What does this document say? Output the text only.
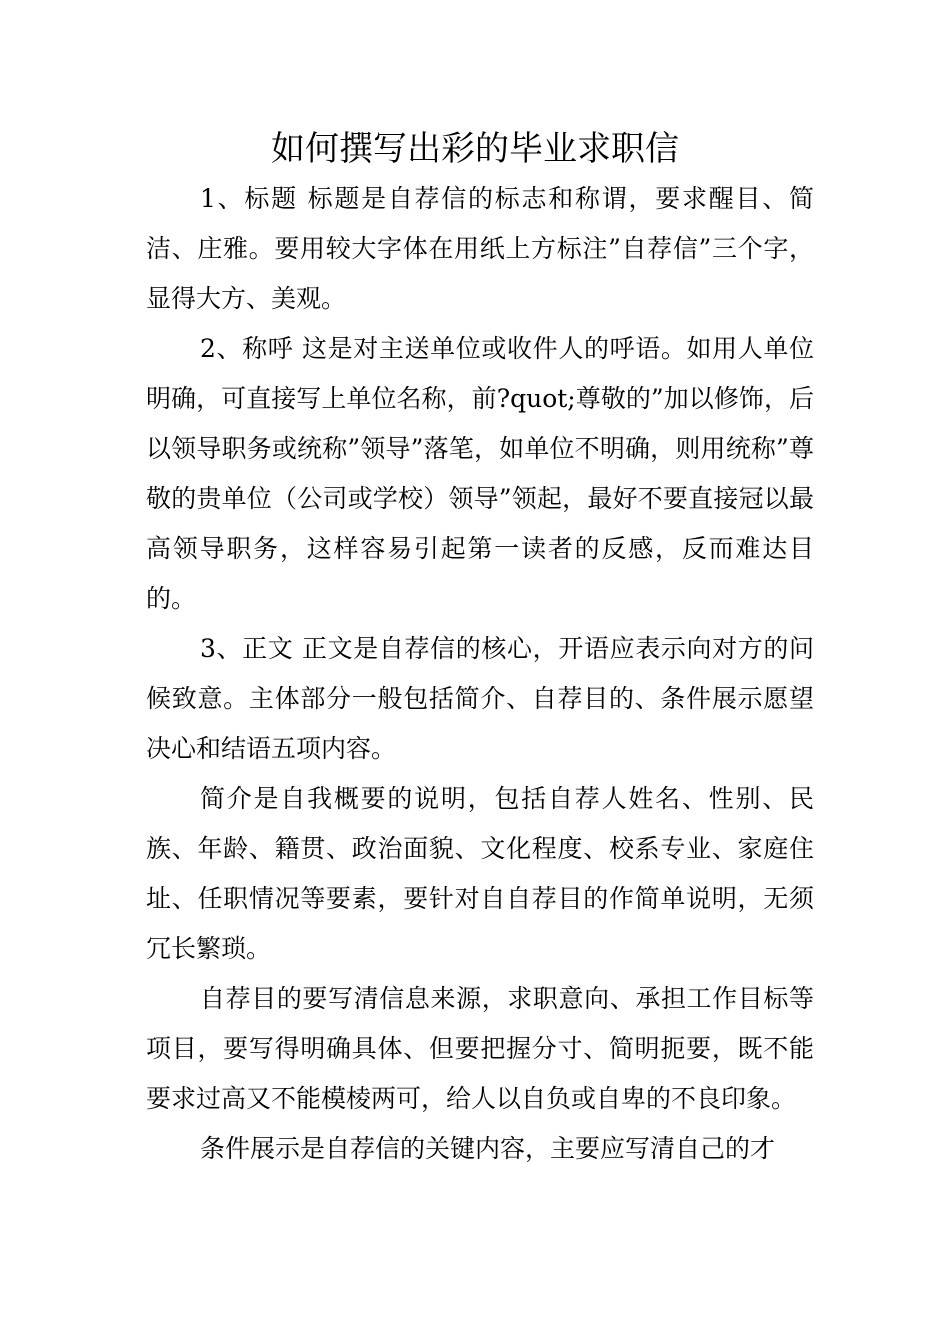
如何撰写出彩的毕业求职信

1、标题 标题是自荐信的标志和称谓，要求醒目、简洁、庄雅。要用较大字体在用纸上方标注”自荐信”三个字，显得大方、美观。

2、称呼 这是对主送单位或收件人的呼语。如用人单位明确，可直接写上单位名称，前?quot;尊敬的”加以修饰，后以领导职务或统称”领导”落笔，如单位不明确，则用统称”尊敬的贵单位（公司或学校）领导”领起，最好不要直接冠以最高领导职务，这样容易引起第一读者的反感，反而难达目的。

3、正文 正文是自荐信的核心，开语应表示向对方的问候致意。主体部分一般包括简介、自荐目的、条件展示愿望决心和结语五项内容。

简介是自我概要的说明，包括自荐人姓名、性别、民族、年龄、籍贯、政治面貌、文化程度、校系专业、家庭住址、任职情况等要素，要针对自自荐目的作简单说明，无须冗长繁琐。

自荐目的要写清信息来源，求职意向、承担工作目标等项目，要写得明确具体、但要把握分寸、简明扼要，既不能要求过高又不能模棱两可，给人以自负或自卑的不良印象。

条件展示是自荐信的关键内容，主要应写清自己的才
